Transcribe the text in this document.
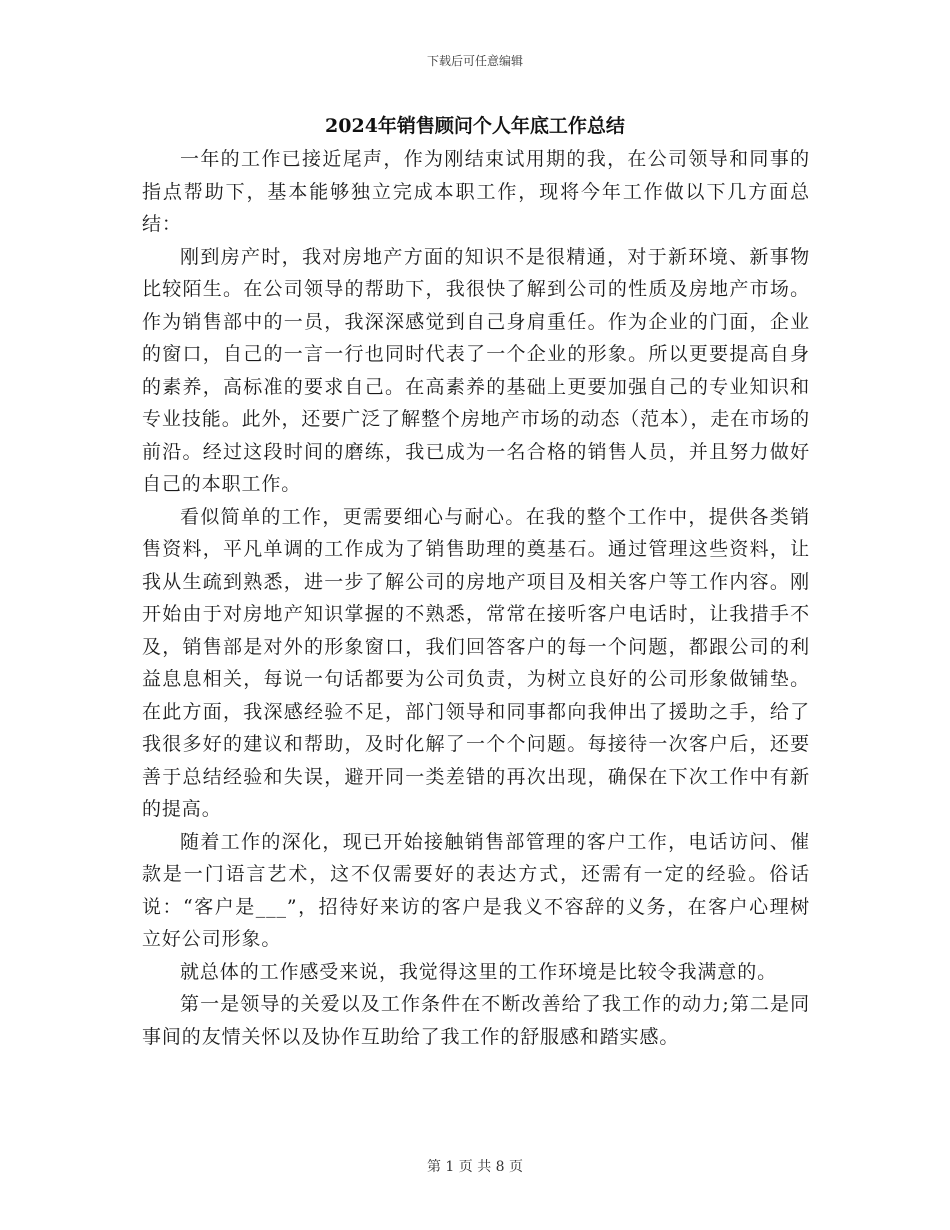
下载后可任意编辑
2024年销售顾问个人年底工作总结

一年的工作已接近尾声，作为刚结束试用期的我，在公司领导和同事的指点帮助下，基本能够独立完成本职工作，现将今年工作做以下几方面总结：

刚到房产时，我对房地产方面的知识不是很精通，对于新环境、新事物比较陌生。在公司领导的帮助下，我很快了解到公司的性质及房地产市场。作为销售部中的一员，我深深感觉到自己身肩重任。作为企业的门面，企业的窗口，自己的一言一行也同时代表了一个企业的形象。所以更要提高自身的素养，高标准的要求自己。在高素养的基础上更要加强自己的专业知识和专业技能。此外，还要广泛了解整个房地产市场的动态（范本），走在市场的前沿。经过这段时间的磨练，我已成为一名合格的销售人员，并且努力做好自己的本职工作。

看似简单的工作，更需要细心与耐心。在我的整个工作中，提供各类销售资料，平凡单调的工作成为了销售助理的奠基石。通过管理这些资料，让我从生疏到熟悉，进一步了解公司的房地产项目及相关客户等工作内容。刚开始由于对房地产知识掌握的不熟悉，常常在接听客户电话时，让我措手不及，销售部是对外的形象窗口，我们回答客户的每一个问题，都跟公司的利益息息相关，每说一句话都要为公司负责，为树立良好的公司形象做铺垫。在此方面，我深感经验不足，部门领导和同事都向我伸出了援助之手，给了我很多好的建议和帮助，及时化解了一个个问题。每接待一次客户后，还要善于总结经验和失误，避开同一类差错的再次出现，确保在下次工作中有新的提高。

随着工作的深化，现已开始接触销售部管理的客户工作，电话访问、催款是一门语言艺术，这不仅需要好的表达方式，还需有一定的经验。俗话说：“客户是___”，招待好来访的客户是我义不容辞的义务，在客户心理树立好公司形象。

就总体的工作感受来说，我觉得这里的工作环境是比较令我满意的。

第一是领导的关爱以及工作条件在不断改善给了我工作的动力;第二是同事间的友情关怀以及协作互助给了我工作的舒服感和踏实感。

第 1 页 共 8 页
